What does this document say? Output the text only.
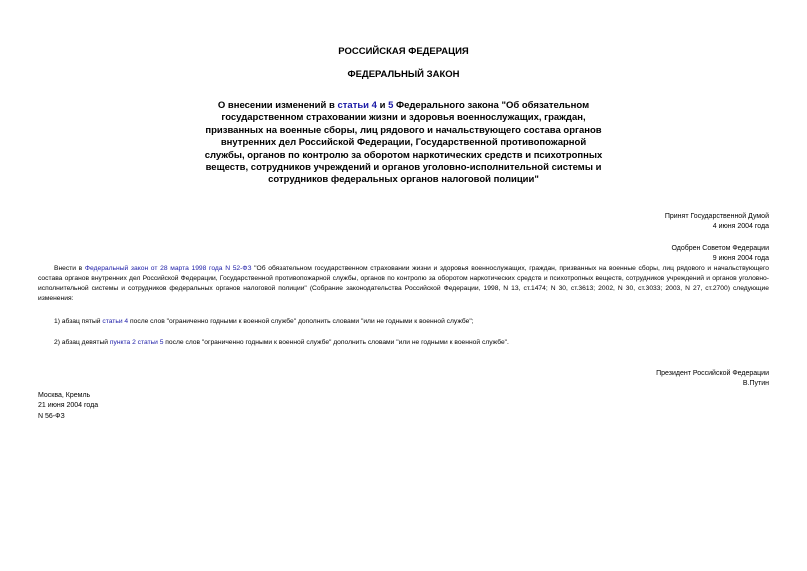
РОССИЙСКАЯ ФЕДЕРАЦИЯ
ФЕДЕРАЛЬНЫЙ ЗАКОН
О внесении изменений в статьи 4 и 5 Федерального закона "Об обязательном государственном страховании жизни и здоровья военнослужащих, граждан, призванных на военные сборы, лиц рядового и начальствующего состава органов внутренних дел Российской Федерации, Государственной противопожарной службы, органов по контролю за оборотом наркотических средств и психотропных веществ, сотрудников учреждений и органов уголовно-исполнительной системы и сотрудников федеральных органов налоговой полиции"
Принят Государственной Думой
4 июня 2004 года
Одобрен Советом Федерации
9 июня 2004 года
Внести в Федеральный закон от 28 марта 1998 года N 52-ФЗ "Об обязательном государственном страховании жизни и здоровья военнослужащих, граждан, призванных на военные сборы, лиц рядового и начальствующего состава органов внутренних дел Российской Федерации, Государственной противопожарной службы, органов по контролю за оборотом наркотических средств и психотропных веществ, сотрудников учреждений и органов уголовно-исполнительной системы и сотрудников федеральных органов налоговой полиции" (Собрание законодательства Российской Федерации, 1998, N 13, ст.1474; N 30, ст.3613; 2002, N 30, ст.3033; 2003, N 27, ст.2700) следующие изменения:
1) абзац пятый статьи 4 после слов "ограниченно годными к военной службе" дополнить словами "или не годными к военной службе";
2) абзац девятый пункта 2 статьи 5 после слов "ограниченно годными к военной службе" дополнить словами "или не годными к военной службе".
Президент Российской Федерации
В.Путин
Москва, Кремль
21 июня 2004 года
N 56-ФЗ
